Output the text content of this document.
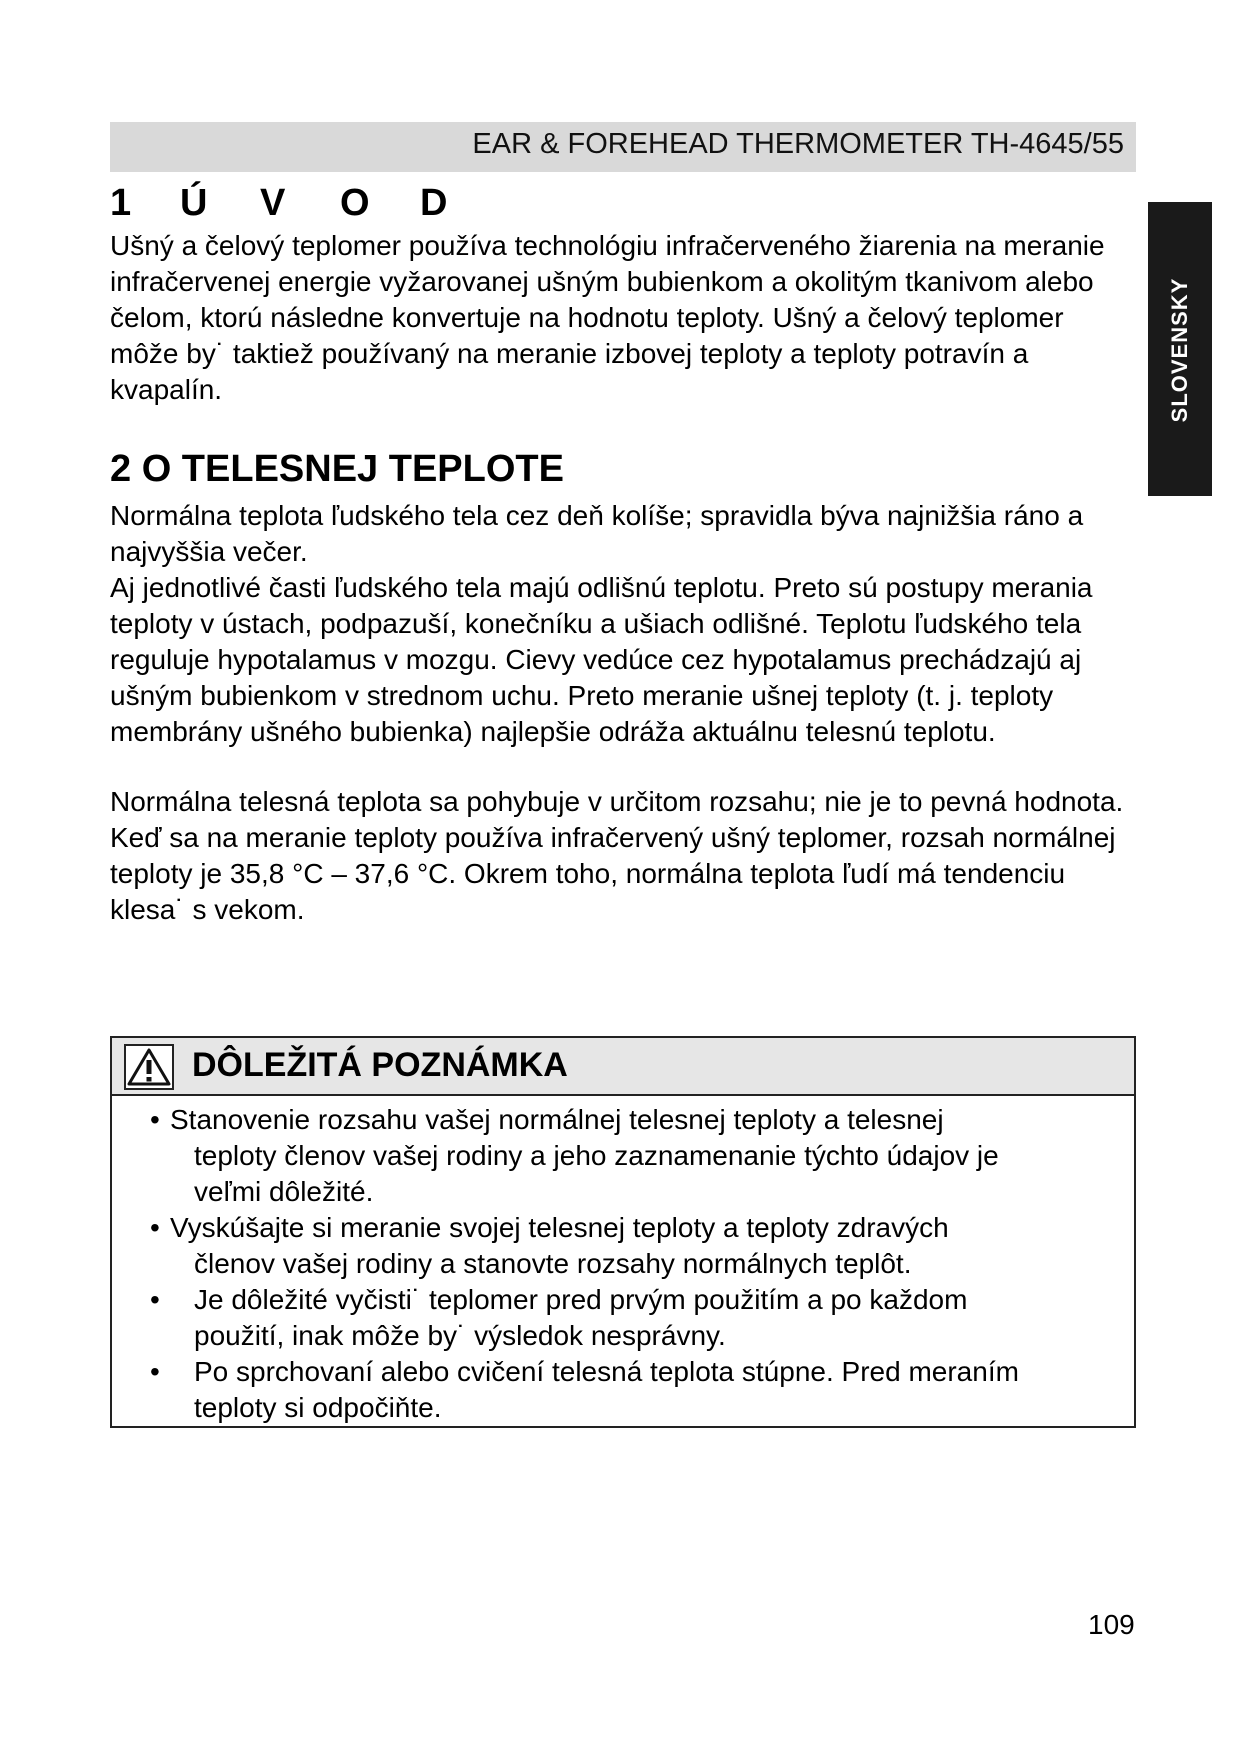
EAR & FOREHEAD THERMOMETER TH-4645/55
SLOVENSKY
1 Ú V O D

Ušný a čelový teplomer používa technológiu infračerveného žiarenia na meranie infračervenej energie vyžarovanej ušným bubienkom a okolitým tkanivom alebo čelom, ktorú následne konvertuje na hodnotu teploty. Ušný a čelový teplomer môže by˙ taktiež používaný na meranie izbovej teploty a teploty potravín a kvapalín.

2 O TELESNEJ TEPLOTE

Normálna teplota ľudského tela cez deň kolíše; spravidla býva najnižšia ráno a najvyššia večer.

Aj jednotlivé časti ľudského tela majú odlišnú teplotu. Preto sú postupy merania teploty v ústach, podpazuší, konečníku a ušiach odlišné. Teplotu ľudského tela reguluje hypotalamus v mozgu. Cievy vedúce cez hypotalamus prechádzajú aj ušným bubienkom v strednom uchu. Preto meranie ušnej teploty (t. j. teploty membrány ušného bubienka) najlepšie odráža aktuálnu telesnú teplotu.

Normálna telesná teplota sa pohybuje v určitom rozsahu; nie je to pevná hodnota.

Keď sa na meranie teploty používa infračervený ušný teplomer, rozsah normálnej teploty je 35,8 °C – 37,6 °C. Okrem toho, normálna teplota ľudí má tendenciu klesa˙ s vekom.

DÔLEŽITÁ POZNÁMKA
• Stanovenie rozsahu vašej normálnej telesnej teploty a telesnej
teploty členov vašej rodiny a jeho zaznamenanie týchto údajov je
veľmi dôležité.
• Vyskúšajte si meranie svojej telesnej teploty a teploty zdravých
členov vašej rodiny a stanovte rozsahy normálnych teplôt.
• Je dôležité vyčisti˙ teplomer pred prvým použitím a po každom
použití, inak môže by˙ výsledok nesprávny.
• Po sprchovaní alebo cvičení telesná teplota stúpne. Pred meraním
teploty si odpočiňte.
109
